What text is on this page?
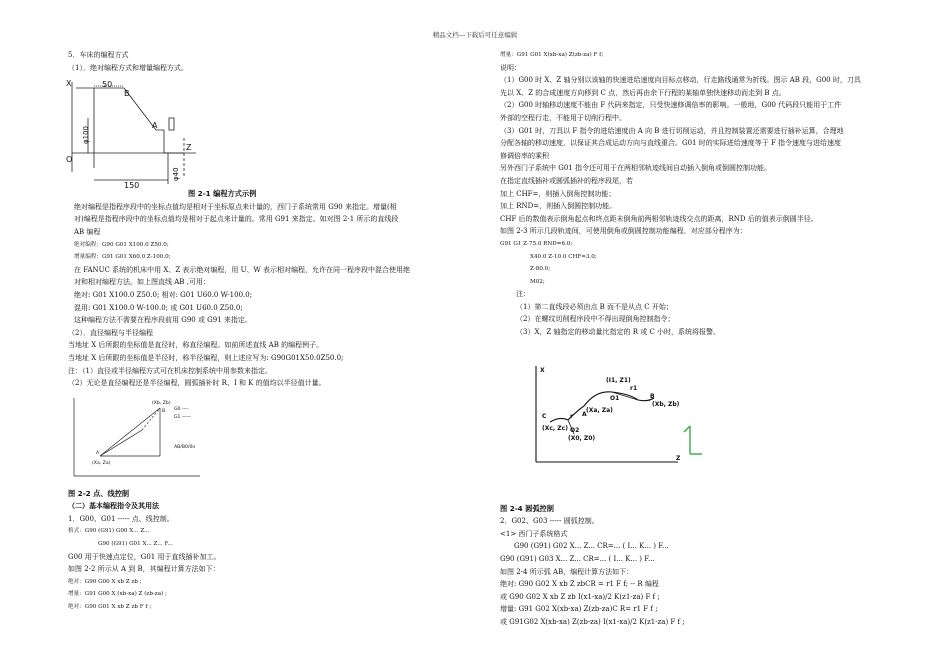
精品文档---下载后可任意编辑

5．车床的编程方式

（1）．绝对编程方式和增量编程方式。

图 2-1 编程方式示例

绝对编程是指程序段中的坐标点值均是相对于坐标原点来计量的，西门子系统常用 G90 来指定。增量(相

对)编程是指程序段中的坐标点值均是相对于起点来计量的。常用 G91 来指定。如对图 2-1 所示的直线段

AB 编程

绝对编程：G90 G01 X100.0 Z50.0;

增量编程：G91 G01 X60.0 Z-100.0;

在 FANUC 系统的机床中用 X、Z 表示绝对编程，用 U、W 表示相对编程，允许在同一程序段中混合使用绝

对和相对编程方法。如上图直线 AB ,可用：

绝对: G01 X100.0 Z50.0; 相对: G01 U60.0 W-100.0;

混用: G01 X100.0 W-100.0; 或 G01 U60.0 Z50.0;

这种编程方法不需要在程序段前用 G90 或 G91 来指定。

（2）．直径编程与半径编程

当地址 X 后所跟的坐标值是直径时，称直径编程。如前所述直线 AB 的编程例子。

当地址 X 后所跟的坐标值是半径时，称半径编程，则上述应写为: G90G01X50.0Z50.0;

注：（1）直径或半径编程方式可在机床控制系统中用参数来指定。

（2）无论是直径编程还是半径编程，圆弧插补时 R、I 和 K 的值均以半径值计量。

图 2-2 点、线控制

（二）基本编程指令及其用法

1．G00、G01 ----- 点、线控制。

格式：G90 (G91) G00 X... Z...

G90 (G91) G01 X... Z... F...

G00 用于快速点定位，G01 用于直线插补加工。

如图 2-2 所示从 A 到 B，其编程计算方法如下：

绝对：G90 G00 X xb Z zb ;

增量：G91 G00 X (xb-xa) Z (zb-za) ;

绝对：G90 G01 X xb Z zb F f ;

X	50
B
A
Z
φ100
φ40
150
O
(Xb, Zb)
(Xa, Za)
B
A
G0 ----
G1 ——
AB/B0/0n

增量：G91 G01 X(xb-xa) Z(zb-za) F f;

说明：

（1）G00 时 X、Z 轴分别以该轴的快速进给速度向目标点移动，行走路线通常为折线。图示 AB 段，G00 时，刀具

先以 X、Z 的合成速度方向移到 C 点，然后再由余下行程的某轴单独快速移动而走到 B 点。

（2）G00 时轴移动速度不能由 F 代码来指定，只受快速修调倍率的影响。一般地，G00 代码段只能用于工件

外部的空程行走，不能用于切削行程中。

（3）G01 时，刀具以 F 指令的进给速度由 A 向 B 进行切削运动，并且控制装置还需要进行插补运算，合理地

分配各轴的移动速度，以保证其合成运动方向与直线重合。G01 时的实际进给速度等于 F 指令速度与进给速度

修调倍率的乘积

另外西门子系统中 G01 指令还可用于在两相邻轨迹线间自动插入倒角或倒圆控制功能。

在指定直线插补或圆弧插补的程序段尾，若

加上 CHF=，则插入倒角控制功能；

加上 RND=，则插入倒圆控制功能。

CHF 后的数值表示倒角起点和终点距未倒角前两相邻轨迹线交点的距离，RND 后的值表示倒圆半径。

如图 2-3 所示几段轨迹间，可使用倒角或倒圆控制功能编程，对应部分程序为：

G91 G1 Z-75.0 RND=6.0;

X40.0 Z-10.0 CHF=3.0;

Z-80.0;

M02;

注：

（1）第二直线段必须由点 B 而不是从点 C 开始；

（2）在螺纹切削程序段中不得出现倒角控制指令；

（3）X，Z 轴指定的移动量比指定的 R 或 C 小时，系统将报警。

图 2-4 圆弧控制

2．G02、G03 ----- 圆弧控制。

<1> 西门子系统格式

G90 (G91) G02 X... Z... CR=... ( I... K... ) F...

G90 (G91) G03 X... Z... CR=... ( I... K... ) F...

如图 2-4 所示弧 AB，编程计算方法如下：

绝对: G90 G02 X xb Z zbCR = r1 F f; -- R 编程

或 G90 G02 X xb Z zb I(x1-xa)/2 K(z1-za) F f ;

增量: G91 G02 X(xb-xa) Z(zb-za)C R= r1 F f ;

或 G91G02 X(xb-xa) Z(zb-za) I(x1-xa)/2 K(z1-za) F f ;

X
Z
(I1, Z1)
O1
r1
B
(Xb, Zb)
C
(Xc, Zc)
A
r
(X0, Z0)
(Xa, Za)
O2
